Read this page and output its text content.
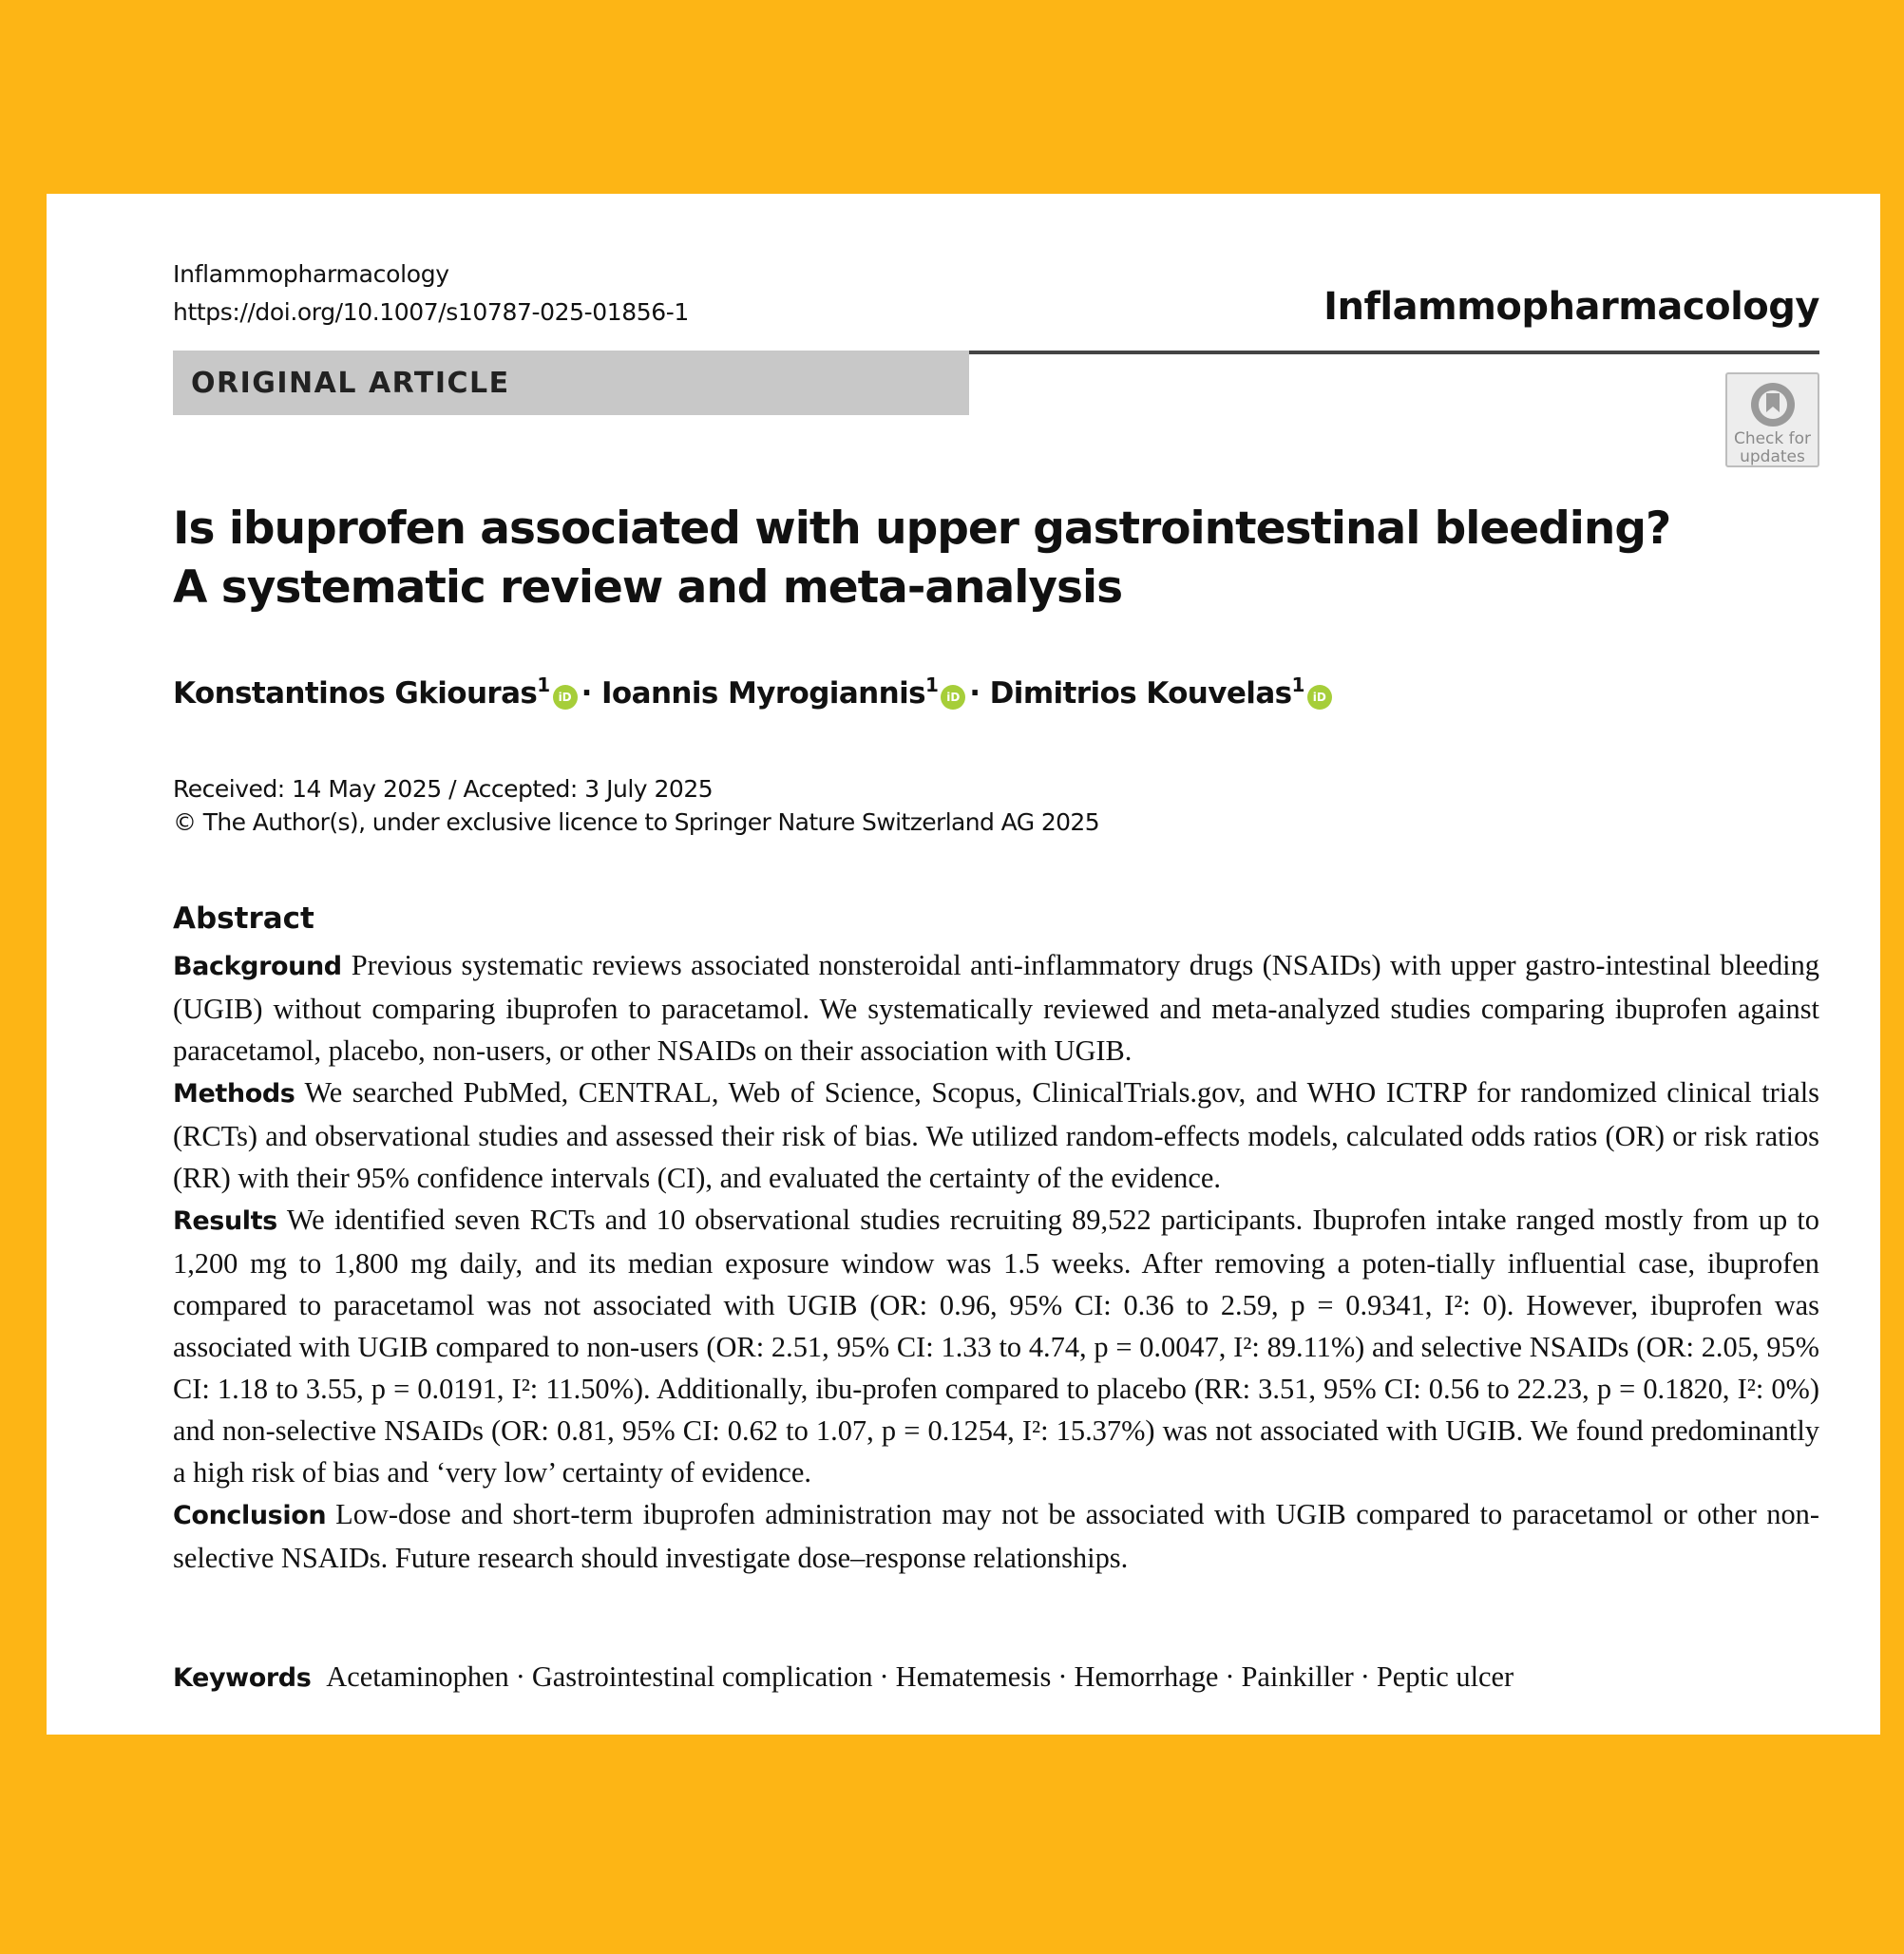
Inflammopharmacology
https://doi.org/10.1007/s10787-025-01856-1	Inflammopharmacology
ORIGINAL ARTICLE
Check for
updates
Is ibuprofen associated with upper gastrointestinal bleeding?
A systematic review and meta-analysis
Konstantinos Gkiouras$^1$iD · Ioannis Myrogiannis$^1$iD · Dimitrios Kouvelas$^1$iD
Received: 14 May 2025 / Accepted: 3 July 2025
© The Author(s), under exclusive licence to Springer Nature Switzerland AG 2025
Abstract

Background Previous systematic reviews associated nonsteroidal anti-inflammatory drugs (NSAIDs) with upper gastro-intestinal bleeding (UGIB) without comparing ibuprofen to paracetamol. We systematically reviewed and meta-analyzed studies comparing ibuprofen against paracetamol, placebo, non-users, or other NSAIDs on their association with UGIB.

Methods We searched PubMed, CENTRAL, Web of Science, Scopus, ClinicalTrials.gov, and WHO ICTRP for randomized clinical trials (RCTs) and observational studies and assessed their risk of bias. We utilized random-effects models, calculated odds ratios (OR) or risk ratios (RR) with their 95% confidence intervals (CI), and evaluated the certainty of the evidence.

Results We identified seven RCTs and 10 observational studies recruiting 89,522 participants. Ibuprofen intake ranged mostly from up to 1,200 mg to 1,800 mg daily, and its median exposure window was 1.5 weeks. After removing a poten-tially influential case, ibuprofen compared to paracetamol was not associated with UGIB (OR: 0.96, 95% CI: 0.36 to 2.59, p = 0.9341, I²: 0). However, ibuprofen was associated with UGIB compared to non-users (OR: 2.51, 95% CI: 1.33 to 4.74, p = 0.0047, I²: 89.11%) and selective NSAIDs (OR: 2.05, 95% CI: 1.18 to 3.55, p = 0.0191, I²: 11.50%). Additionally, ibu-profen compared to placebo (RR: 3.51, 95% CI: 0.56 to 22.23, p = 0.1820, I²: 0%) and non-selective NSAIDs (OR: 0.81, 95% CI: 0.62 to 1.07, p = 0.1254, I²: 15.37%) was not associated with UGIB. We found predominantly a high risk of bias and ‘very low’ certainty of evidence.

Conclusion Low-dose and short-term ibuprofen administration may not be associated with UGIB compared to paracetamol or other non-selective NSAIDs. Future research should investigate dose–response relationships.

Keywords Acetaminophen · Gastrointestinal complication · Hematemesis · Hemorrhage · Painkiller · Peptic ulcer
